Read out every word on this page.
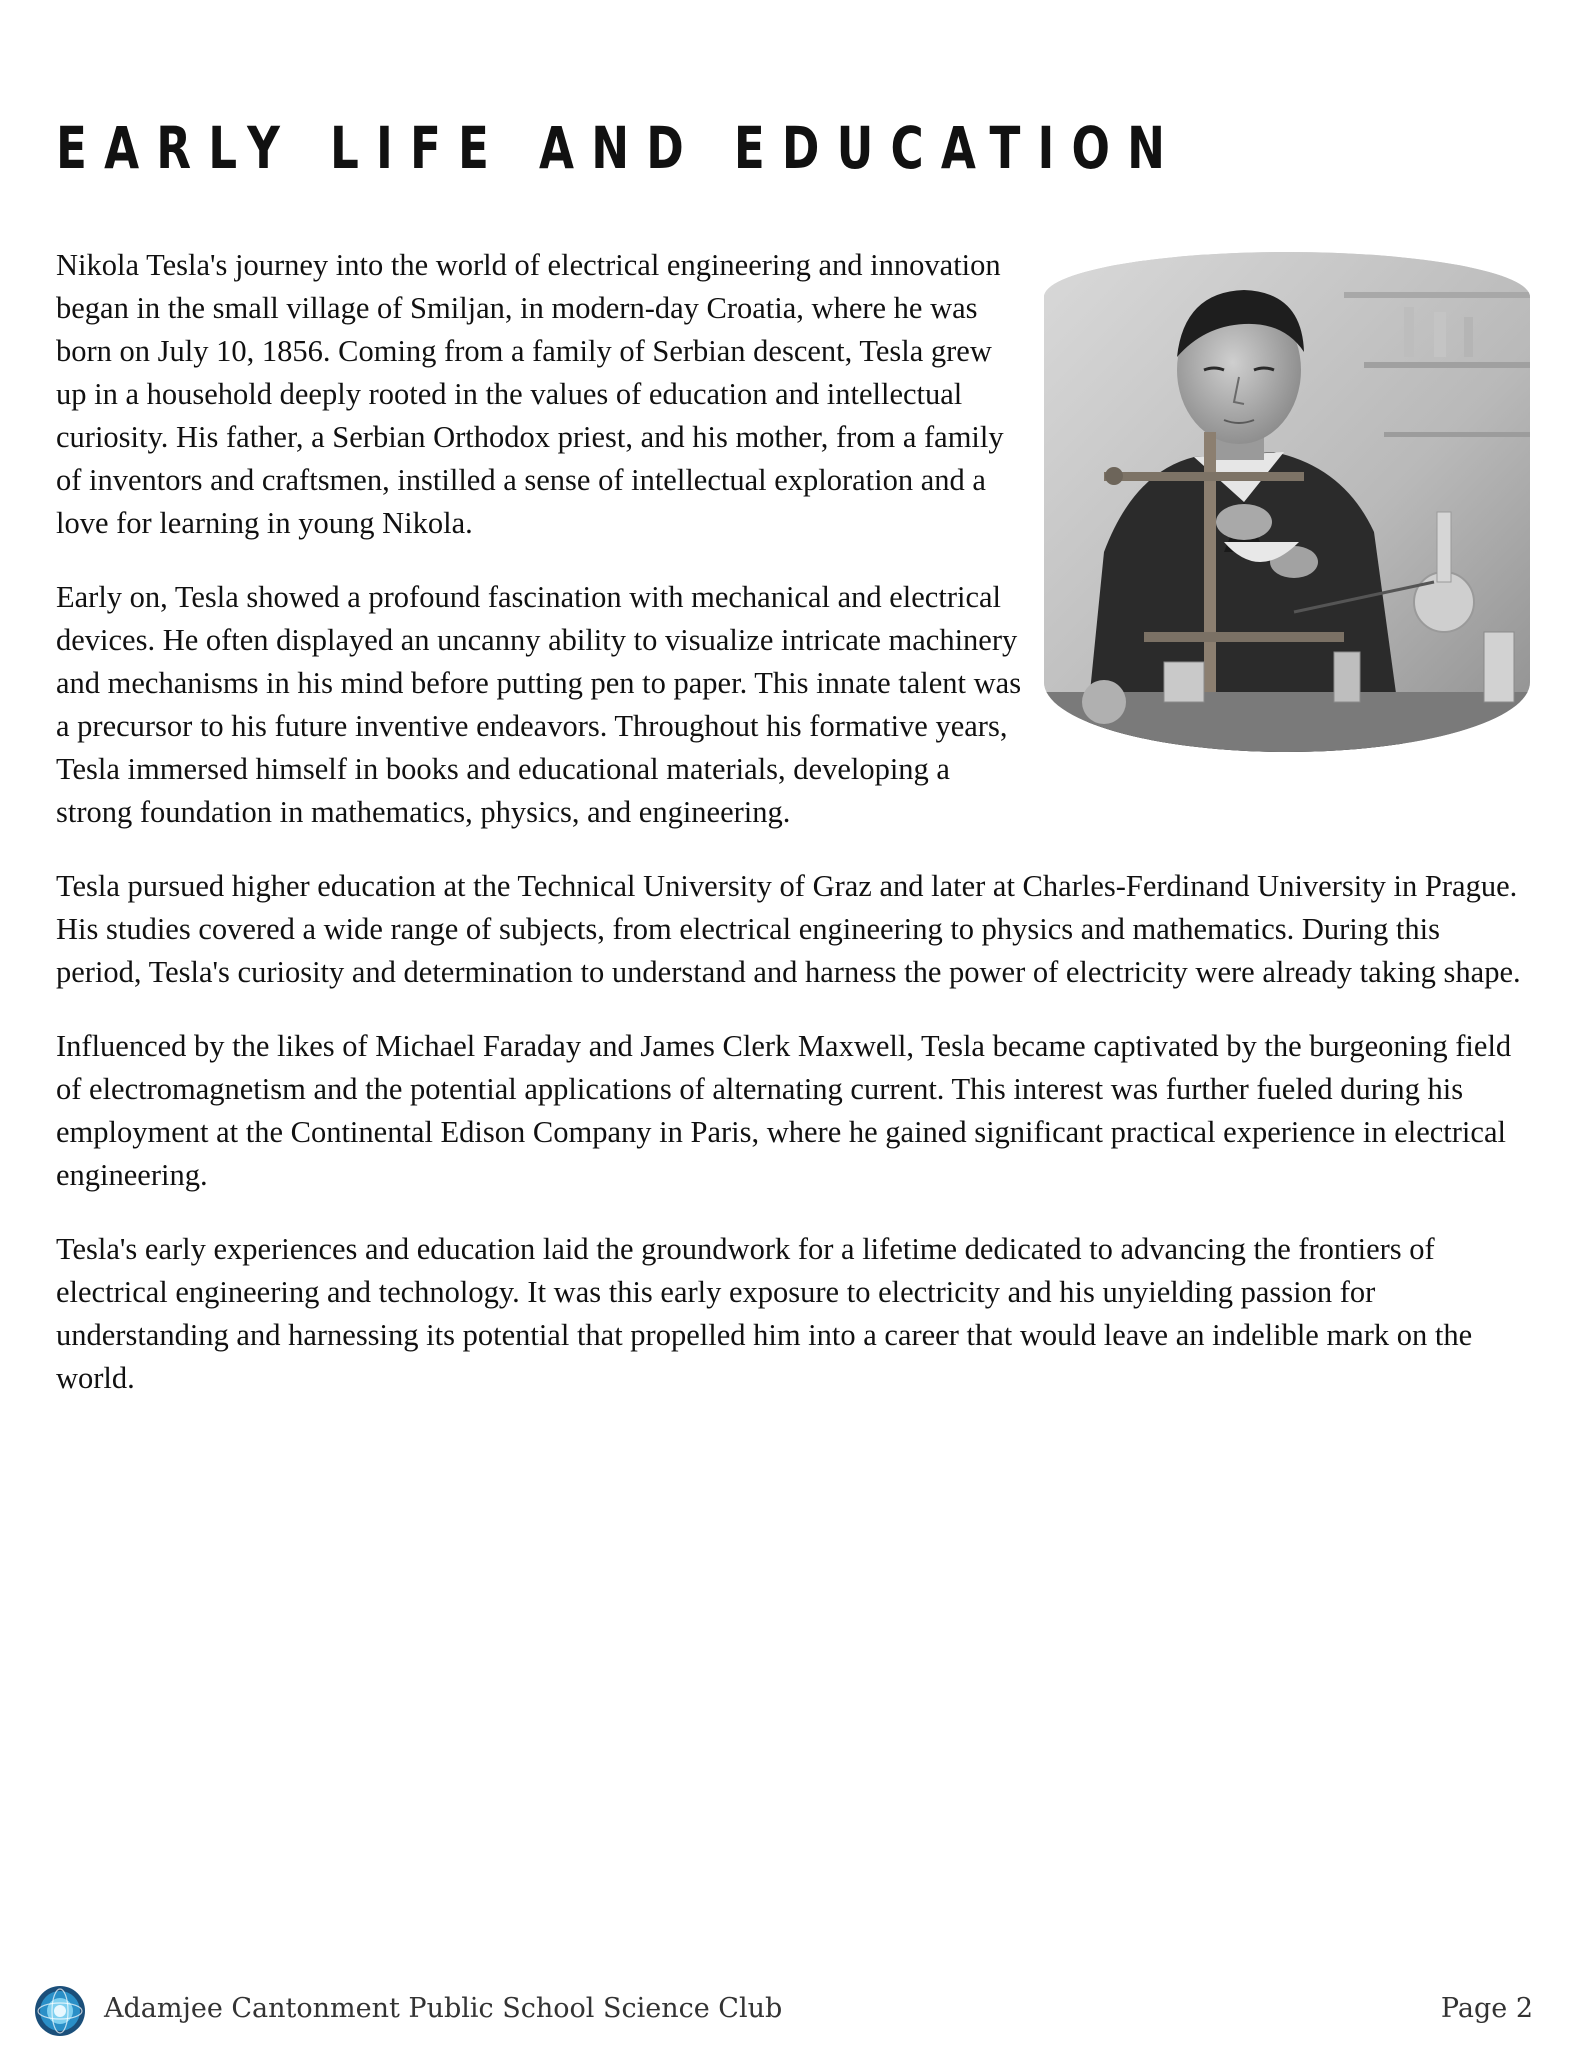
EARLY LIFE AND EDUCATION

Nikola Tesla's journey into the world of electrical engineering and innovation began in the small village of Smiljan, in modern-day Croatia, where he was born on July 10, 1856. Coming from a family of Serbian descent, Tesla grew up in a household deeply rooted in the values of education and intellectual curiosity. His father, a Serbian Orthodox priest, and his mother, from a family of inventors and craftsmen, instilled a sense of intellectual exploration and a love for learning in young Nikola.

Early on, Tesla showed a profound fascination with mechanical and electrical devices. He often displayed an uncanny ability to visualize intricate machinery and mechanisms in his mind before putting pen to paper. This innate talent was a precursor to his future inventive endeavors. Throughout his formative years, Tesla immersed himself in books and educational materials, developing a strong foundation in mathematics, physics, and engineering.

Tesla pursued higher education at the Technical University of Graz and later at Charles-Ferdinand University in Prague. His studies covered a wide range of subjects, from electrical engineering to physics and mathematics. During this period, Tesla's curiosity and determination to understand and harness the power of electricity were already taking shape.

Influenced by the likes of Michael Faraday and James Clerk Maxwell, Tesla became captivated by the burgeoning field of electromagnetism and the potential applications of alternating current. This interest was further fueled during his employment at the Continental Edison Company in Paris, where he gained significant practical experience in electrical engineering.

Tesla's early experiences and education laid the groundwork for a lifetime dedicated to advancing the frontiers of electrical engineering and technology. It was this early exposure to electricity and his unyielding passion for understanding and harnessing its potential that propelled him into a career that would leave an indelible mark on the world.

Adamjee Cantonment Public School Science Club	Page 2
